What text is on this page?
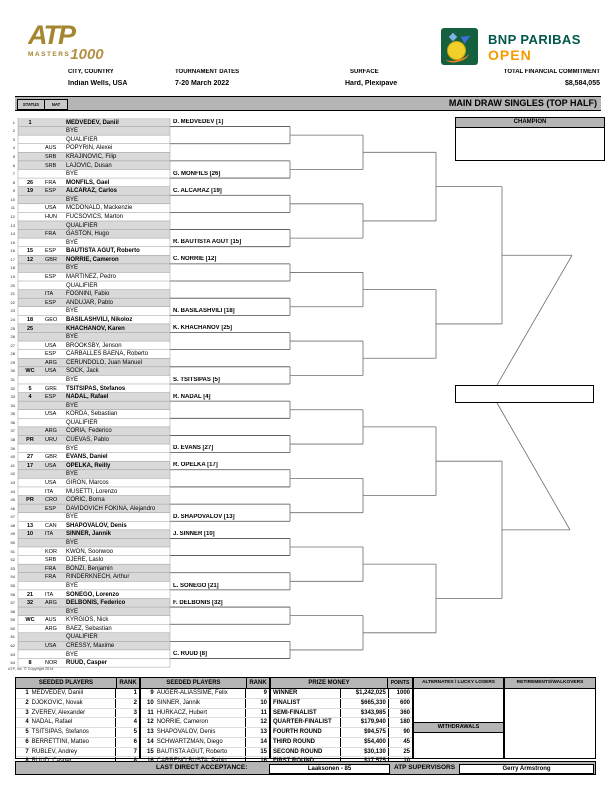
ATP
MASTERS1000
BNP PARIBAS
OPEN
CITY, COUNTRY
Indian Wells, USA
TOURNAMENT DATES
7-20 March 2022
SURFACE
Hard, Plexipave
TOTAL FINANCIAL COMMITMENT
$8,584,055
STATUS	NAT	MAIN DRAW SINGLES (TOP HALF)
CHAMPION
1	1	MEDVEDEV, Daniil
2	BYE
3	QUALIFIER
4	AUS	POPYRIN, Alexei
5	SRB	KRAJINOVIC, Filip
6	SRB	LAJOVIC, Dusan
7	BYE
8	26	FRA	MONFILS, Gael
9	19	ESP	ALCARAZ, Carlos
10	BYE
11	USA	MCDONALD, Mackenzie
12	HUN	FUCSOVICS, Marton
13	QUALIFIER
14	FRA	GASTON, Hugo
15	BYE
16	15	ESP	BAUTISTA AGUT, Roberto
17	12	GBR	NORRIE, Cameron
18	BYE
19	ESP	MARTINEZ, Pedro
20	QUALIFIER
21	ITA	FOGNINI, Fabio
22	ESP	ANDUJAR, Pablo
23	BYE
24	18	GEO	BASILASHVILI, Nikoloz
25	25	KHACHANOV, Karen
26	BYE
27	USA	BROOKSBY, Jenson
28	ESP	CARBALLES BAENA, Roberto
29	ARG	CERUNDOLO, Juan Manuel
30	WC	USA	SOCK, Jack
31	BYE
32	5	GRE	TSITSIPAS, Stefanos
33	4	ESP	NADAL, Rafael
34	BYE
35	USA	KORDA, Sebastian
36	QUALIFIER
37	ARG	CORIA, Federico
38	PR	URU	CUEVAS, Pablo
39	BYE
40	27	GBR	EVANS, Daniel
41	17	USA	OPELKA, Reilly
42	BYE
43	USA	GIRON, Marcos
44	ITA	MUSETTI, Lorenzo
45	PR	CRO	CORIC, Borna
46	ESP	DAVIDOVICH FOKINA, Alejandro
47	BYE
48	13	CAN	SHAPOVALOV, Denis
49	10	ITA	SINNER, Jannik
50	BYE
51	KOR	KWON, Soonwoo
52	SRB	DJERE, Laslo
53	FRA	BONZI, Benjamin
54	FRA	RINDERKNECH, Arthur
55	BYE
56	21	ITA	SONEGO, Lorenzo
57	32	ARG	DELBONIS, Federico
58	BYE
59	WC	AUS	KYRGIOS, Nick
60	ARG	BAEZ, Sebastian
61	QUALIFIER
62	USA	CRESSY, Maxime
63	BYE
64	8	NOR	RUUD, Casper
D. MEDVEDEV [1]
G. MONFILS [26]
C. ALCARAZ [19]
R. BAUTISTA AGUT [15]
C. NORRIE [12]
N. BASILASHVILI [18]
K. KHACHANOV [25]
S. TSITSIPAS [5]
R. NADAL [4]
D. EVANS [27]
R. OPELKA [17]
D. SHAPOVALOV [13]
J. SINNER [10]
L. SONEGO [21]
F. DELBONIS [32]
C. RUUD [8]
ATP, Inc. © Copyright 2014
SEEDED PLAYERS	RANK
1 MEDVEDEV, Daniil	1
2 DJOKOVIC, Novak	2
3 ZVEREV, Alexander	3
4 NADAL, Rafael	4
5 TSITSIPAS, Stefanos	5
6 BERRETTINI, Matteo	6
7 RUBLEV, Andrey	7
SEEDED PLAYERS	RANK
9 AUGER-ALIASSIME, Felix	9
10 SINNER, Jannik	10
11 HURKACZ, Hubert	11
12 NORRIE, Cameron	12
13 SHAPOVALOV, Denis	13
14 SCHWARTZMAN, Diego	14
15 BAUTISTA AGUT, Roberto	15
PRIZE MONEY	POINTS
WINNER	$1,242,025	1000
FINALIST	$665,330	600
SEMI-FINALIST	$343,985	360
QUARTER-FINALIST	$179,940	180
FOURTH ROUND	$94,575	90
THIRD ROUND	$54,400	45
SECOND ROUND	$30,130	25
ALTERNATES / LUCKY LOSERS
WITHDRAWALS
RETIREMENTS/WALKOVERS
LAST DIRECT ACCEPTANCE:	Laaksonen - 85	ATP SUPERVISORS	Gerry Armstrong
